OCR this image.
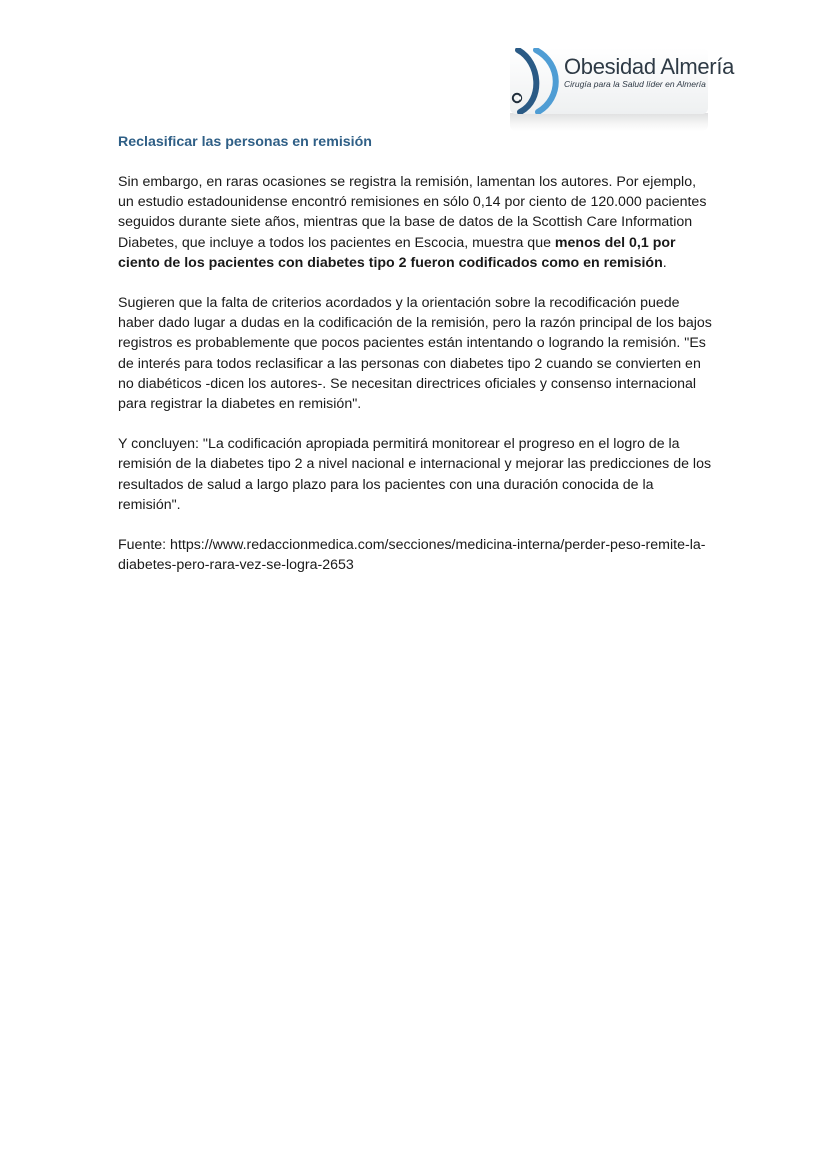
Obesidad Almería
Cirugía para la Salud líder en Almería
Reclasificar las personas en remisión

Sin embargo, en raras ocasiones se registra la remisión, lamentan los autores. Por ejemplo, un estudio estadounidense encontró remisiones en sólo 0,14 por ciento de 120.000 pacientes seguidos durante siete años, mientras que la base de datos de la Scottish Care Information Diabetes, que incluye a todos los pacientes en Escocia, muestra que menos del 0,1 por ciento de los pacientes con diabetes tipo 2 fueron codificados como en remisión.

Sugieren que la falta de criterios acordados y la orientación sobre la recodificación puede haber dado lugar a dudas en la codificación de la remisión, pero la razón principal de los bajos registros es probablemente que pocos pacientes están intentando o logrando la remisión. "Es de interés para todos reclasificar a las personas con diabetes tipo 2 cuando se convierten en no diabéticos -dicen los autores-. Se necesitan directrices oficiales y consenso internacional para registrar la diabetes en remisión".

Y concluyen: "La codificación apropiada permitirá monitorear el progreso en el logro de la remisión de la diabetes tipo 2 a nivel nacional e internacional y mejorar las predicciones de los resultados de salud a largo plazo para los pacientes con una duración conocida de la remisión".

Fuente: https://www.redaccionmedica.com/secciones/medicina-interna/perder-peso-remite-la-diabetes-pero-rara-vez-se-logra-2653
